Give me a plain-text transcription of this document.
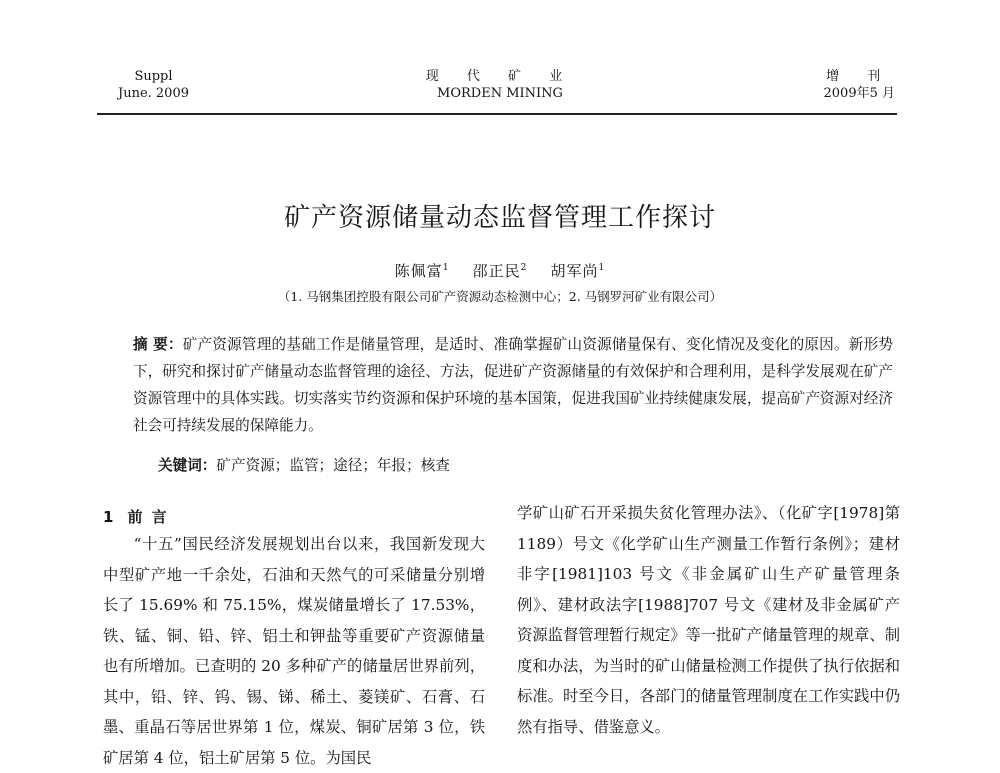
Suppl
June. 2009
现 代 矿 业
MORDEN MINING
增 刊
2009年5 月
矿产资源储量动态监督管理工作探讨
陈佩富$^1$ 邵正民$^2$ 胡军尚$^1$
（1. 马钢集团控股有限公司矿产资源动态检测中心；2. 马钢罗河矿业有限公司）
摘 要：矿产资源管理的基础工作是储量管理，是适时、准确掌握矿山资源储量保有、变化情况及变化的原因。新形势下，研究和探讨矿产储量动态监督管理的途径、方法，促进矿产资源储量的有效保护和合理利用，是科学发展观在矿产资源管理中的具体实践。切实落实节约资源和保护环境的基本国策，促进我国矿业持续健康发展，提高矿产资源对经济社会可持续发展的保障能力。
关键词：矿产资源；监管；途径；年报；核查
1 前 言
“十五”国民经济发展规划出台以来，我国新发现大中型矿产地一千余处，石油和天然气的可采储量分别增长了 15.69% 和 75.15%，煤炭储量增长了 17.53%，铁、锰、铜、铅、锌、铝土和钾盐等重要矿产资源储量也有所增加。已查明的 20 多种矿产的储量居世界前列，其中，铅、锌、钨、锡、锑、稀土、菱镁矿、石膏、石墨、重晶石等居世界第 1 位，煤炭、铜矿居第 3 位，铁矿居第 4 位，铝土矿居第 5 位。为国民
学矿山矿石开采损失贫化管理办法》、（化矿字[1978]第 1189）号文《化学矿山生产测量工作暂行条例》；建材非字[1981]103 号文《非金属矿山生产矿量管理条例》、建材政法字[1988]707 号文《建材及非金属矿产资源监督管理暂行规定》等一批矿产储量管理的规章、制度和办法，为当时的矿山储量检测工作提供了执行依据和标准。时至今日，各部门的储量管理制度在工作实践中仍然有指导、借鉴意义。
